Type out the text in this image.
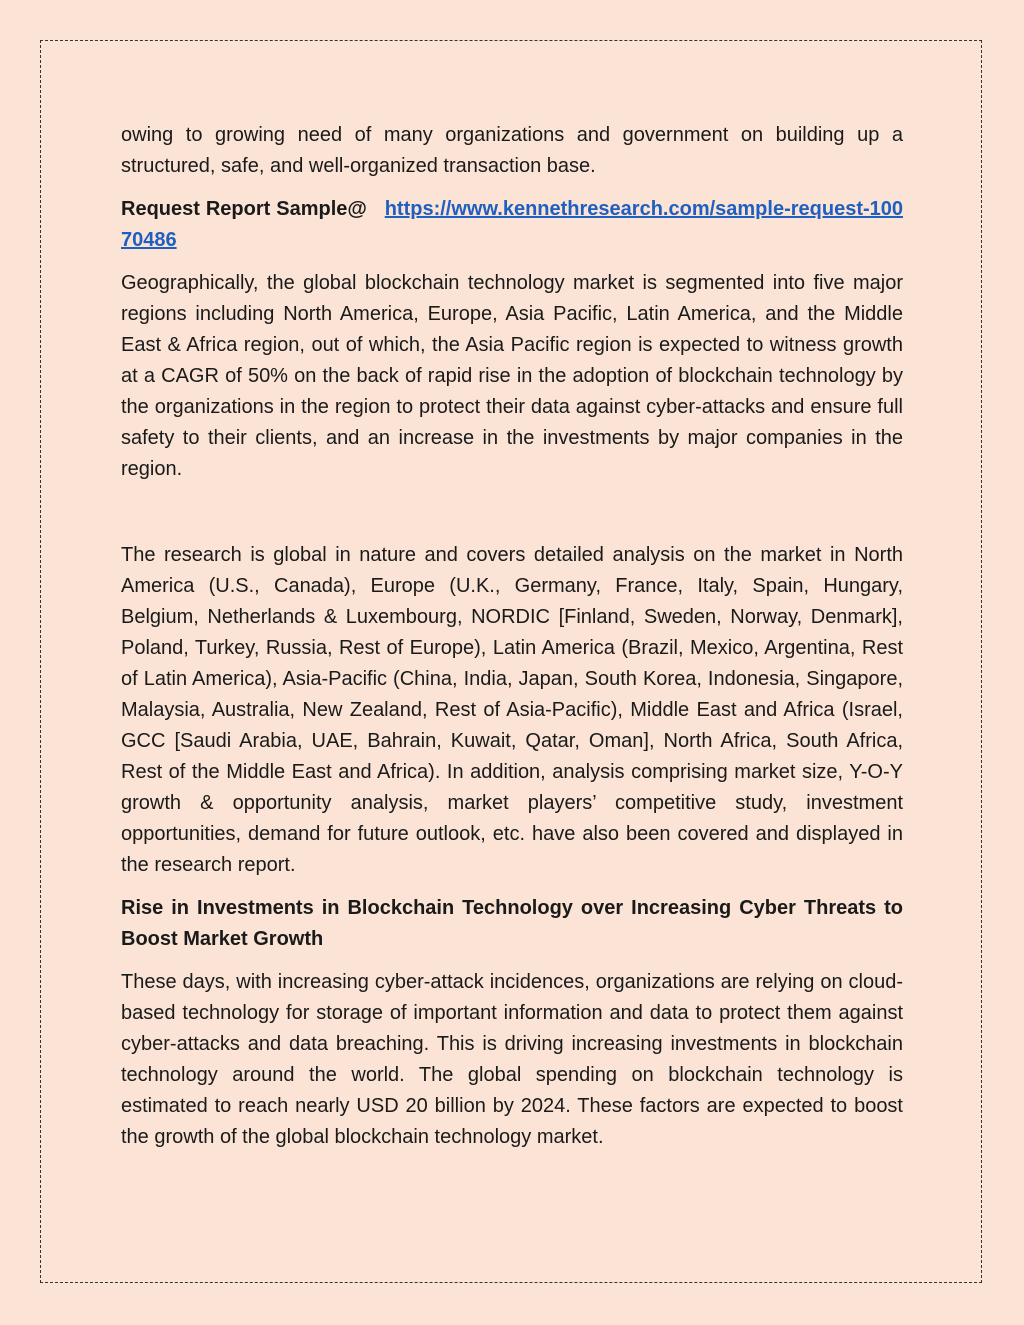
owing to growing need of many organizations and government on building up a structured, safe, and well-organized transaction base.

Request Report Sample@ https://www.kennethresearch.com/sample-request-10070486

Geographically, the global blockchain technology market is segmented into five major regions including North America, Europe, Asia Pacific, Latin America, and the Middle East & Africa region, out of which, the Asia Pacific region is expected to witness growth at a CAGR of 50% on the back of rapid rise in the adoption of blockchain technology by the organizations in the region to protect their data against cyber-attacks and ensure full safety to their clients, and an increase in the investments by major companies in the region.

The research is global in nature and covers detailed analysis on the market in North America (U.S., Canada), Europe (U.K., Germany, France, Italy, Spain, Hungary, Belgium, Netherlands & Luxembourg, NORDIC [Finland, Sweden, Norway, Denmark], Poland, Turkey, Russia, Rest of Europe), Latin America (Brazil, Mexico, Argentina, Rest of Latin America), Asia-Pacific (China, India, Japan, South Korea, Indonesia, Singapore, Malaysia, Australia, New Zealand, Rest of Asia-Pacific), Middle East and Africa (Israel, GCC [Saudi Arabia, UAE, Bahrain, Kuwait, Qatar, Oman], North Africa, South Africa, Rest of the Middle East and Africa). In addition, analysis comprising market size, Y-O-Y growth & opportunity analysis, market players’ competitive study, investment opportunities, demand for future outlook, etc. have also been covered and displayed in the research report.

Rise in Investments in Blockchain Technology over Increasing Cyber Threats to Boost Market Growth

These days, with increasing cyber-attack incidences, organizations are relying on cloud-based technology for storage of important information and data to protect them against cyber-attacks and data breaching. This is driving increasing investments in blockchain technology around the world. The global spending on blockchain technology is estimated to reach nearly USD 20 billion by 2024. These factors are expected to boost the growth of the global blockchain technology market.
